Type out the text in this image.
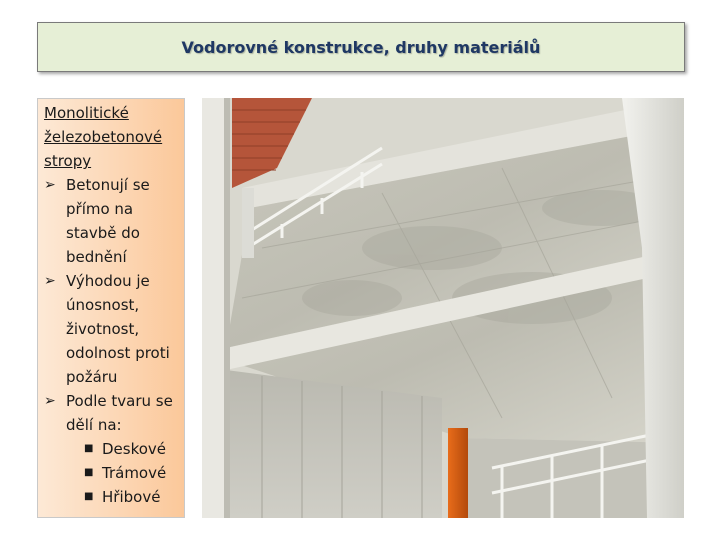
Vodorovné konstrukce, druhy materiálů
Monolitické železobetonové stropy
➢ Betonují se přímo na stavbě do bednění
➢ Výhodou je únosnost, životnost, odolnost proti požáru
➢ Podle tvaru se dělí na:
■ Deskové
■ Trámové
■ Hřibové
